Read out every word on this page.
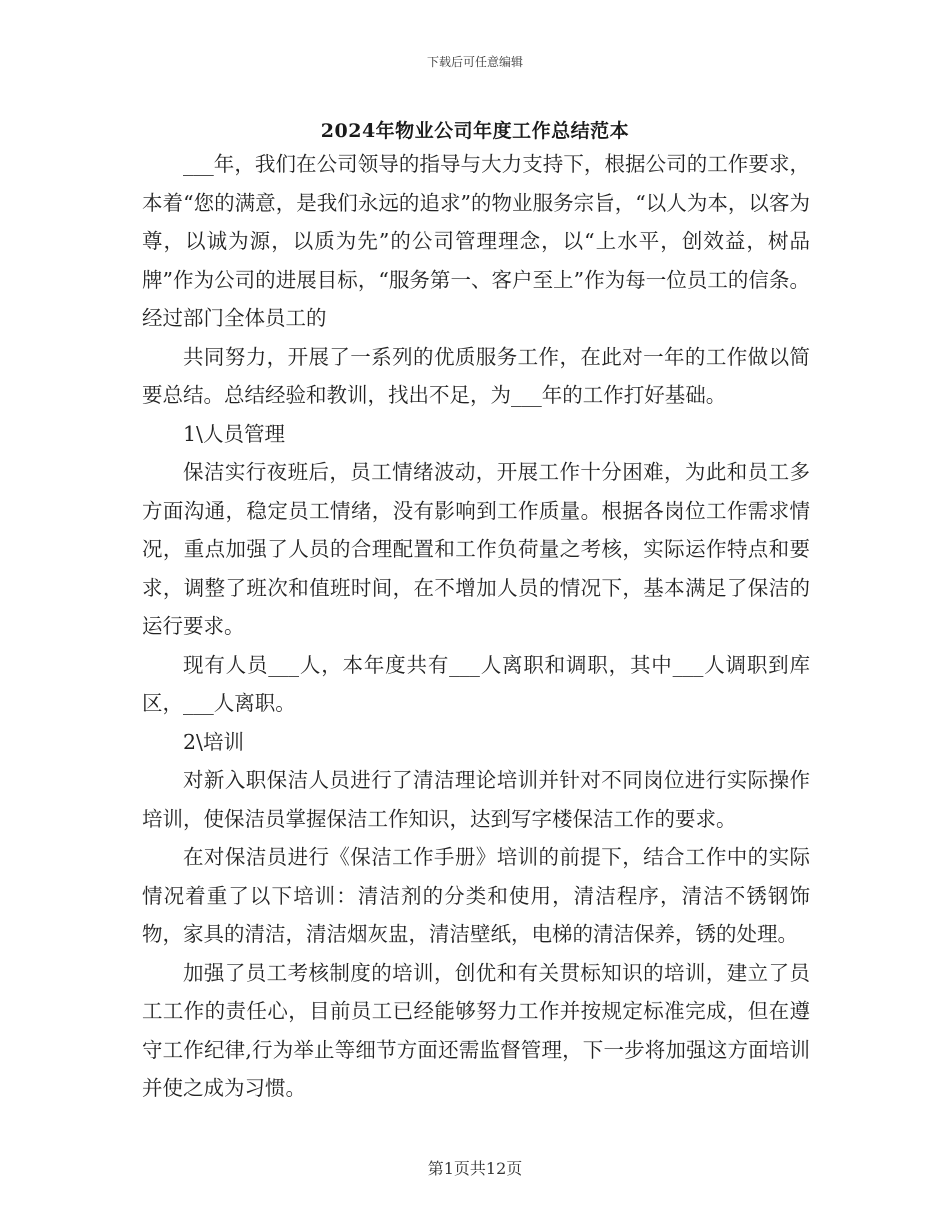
下载后可任意编辑
2024年物业公司年度工作总结范本

___年，我们在公司领导的指导与大力支持下，根据公司的工作要求，本着“您的满意，是我们永远的追求”的物业服务宗旨，“以人为本，以客为尊，以诚为源，以质为先”的公司管理理念，以“上水平，创效益，树品牌”作为公司的进展目标，“服务第一、客户至上”作为每一位员工的信条。经过部门全体员工的

共同努力，开展了一系列的优质服务工作，在此对一年的工作做以简要总结。总结经验和教训，找出不足，为___年的工作打好基础。

1\人员管理

保洁实行夜班后，员工情绪波动，开展工作十分困难，为此和员工多方面沟通，稳定员工情绪，没有影响到工作质量。根据各岗位工作需求情况，重点加强了人员的合理配置和工作负荷量之考核，实际运作特点和要求，调整了班次和值班时间，在不增加人员的情况下，基本满足了保洁的运行要求。

现有人员___人，本年度共有___人离职和调职，其中___人调职到库区，___人离职。

2\培训

对新入职保洁人员进行了清洁理论培训并针对不同岗位进行实际操作培训，使保洁员掌握保洁工作知识，达到写字楼保洁工作的要求。

在对保洁员进行《保洁工作手册》培训的前提下，结合工作中的实际情况着重了以下培训：清洁剂的分类和使用，清洁程序，清洁不锈钢饰物，家具的清洁，清洁烟灰盅，清洁壁纸，电梯的清洁保养，锈的处理。

加强了员工考核制度的培训，创优和有关贯标知识的培训，建立了员工工作的责任心，目前员工已经能够努力工作并按规定标准完成，但在遵守工作纪律,行为举止等细节方面还需监督管理，下一步将加强这方面培训并使之成为习惯。

第1页共12页
